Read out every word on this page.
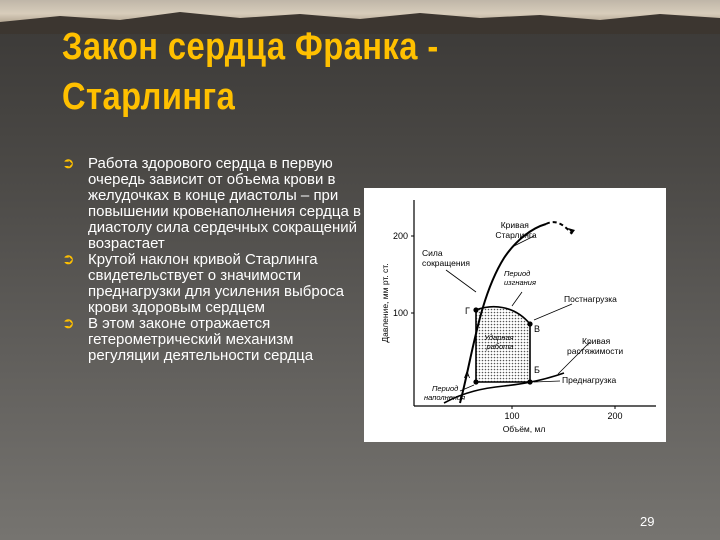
Закон сердца Франка - Старлинга
➲ Работа здорового сердца в первую очередь зависит от объема крови в желудочках в конце диастолы – при повышении кровенаполнения сердца в диастолу сила сердечных сокращений возрастает
➲ Крутой наклон кривой Старлинга свидетельствует о значимости преднагрузки для усиления выброса крови здоровым сердцем
➲ В этом законе отражается гетерометрический механизм регуляции деятельности сердца
200
100
100	200
Давление, мм рт. ст.
Объём, мл
Г
В
А	Б
Кривая Старлинга
Сила сокращения
Период изгнания
Постнагрузка
Ударная работа
Кривая растяжимости
Преднагрузка
Период наполнения
29
